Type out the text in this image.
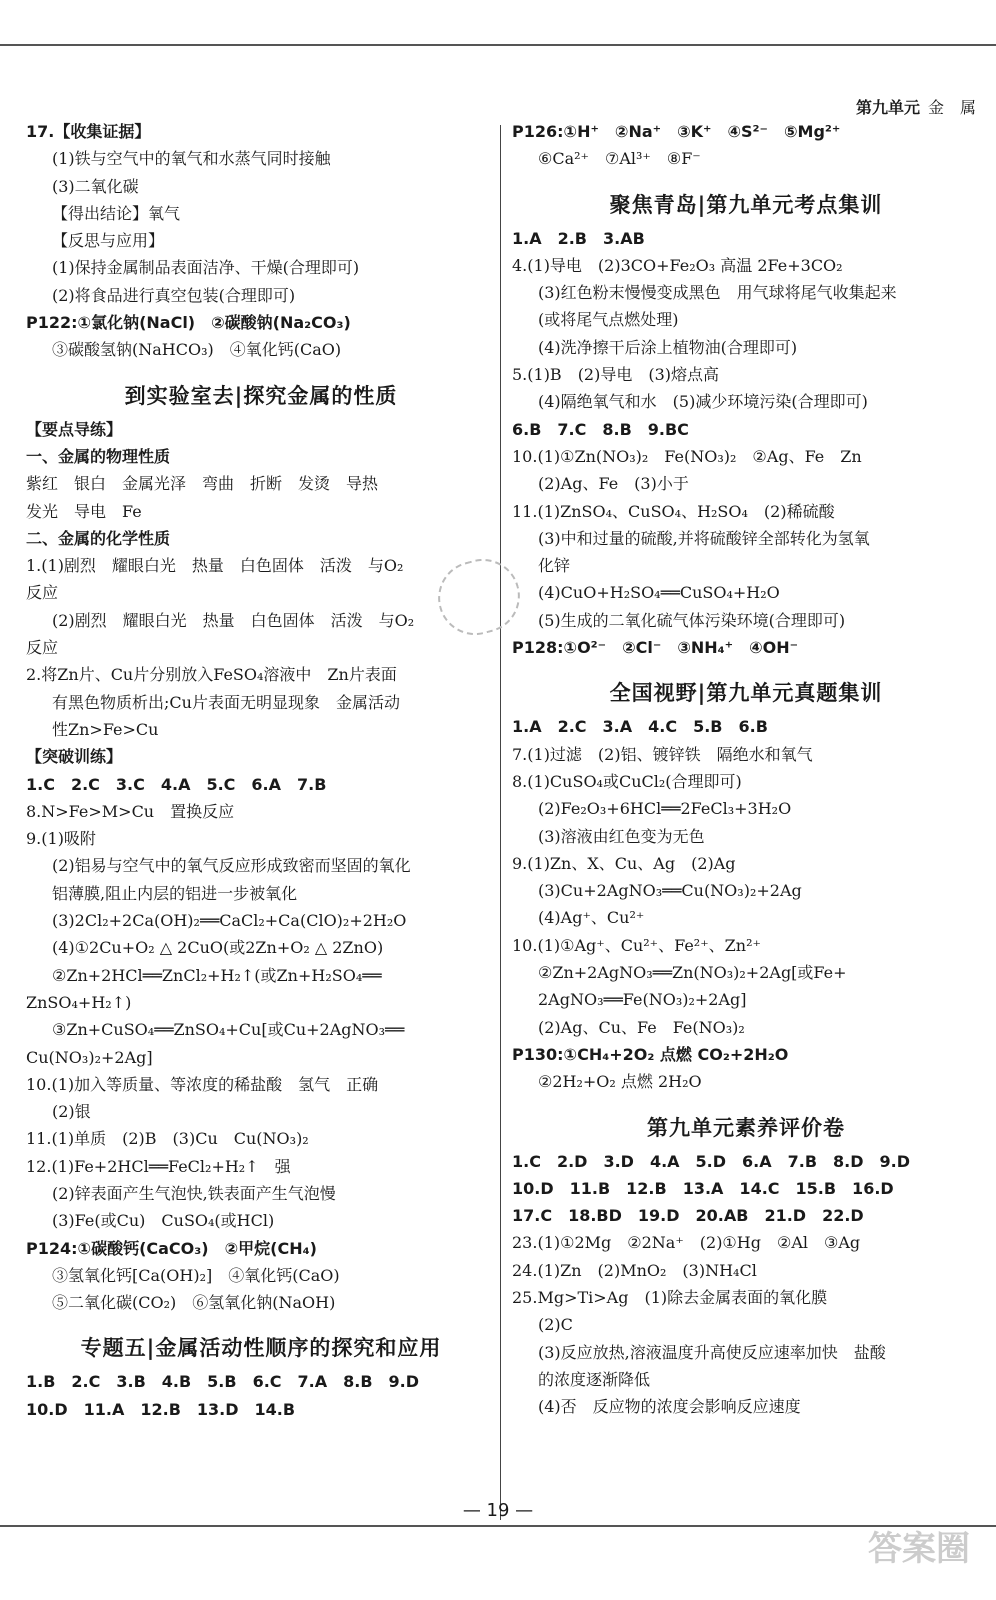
第九单元 金　属
17.【收集证据】
(1)铁与空气中的氧气和水蒸气同时接触
(3)二氧化碳
【得出结论】氧气
【反思与应用】
(1)保持金属制品表面洁净、干燥(合理即可)
(2)将食品进行真空包装(合理即可)
P122:①氯化钠(NaCl)　②碳酸钠(Na₂CO₃)
③碳酸氢钠(NaHCO₃)　④氧化钙(CaO)
到实验室去|探究金属的性质
【要点导练】
一、金属的物理性质
紫红　银白　金属光泽　弯曲　折断　发烫　导热
发光　导电　Fe
二、金属的化学性质
1.(1)剧烈　耀眼白光　热量　白色固体　活泼　与O₂
反应
(2)剧烈　耀眼白光　热量　白色固体　活泼　与O₂
反应
2.将Zn片、Cu片分别放入FeSO₄溶液中　Zn片表面
有黑色物质析出;Cu片表面无明显现象　金属活动
性Zn>Fe>Cu
【突破训练】
1.C　2.C　3.C　4.A　5.C　6.A　7.B
8.N>Fe>M>Cu　置换反应
9.(1)吸附
(2)铝易与空气中的氧气反应形成致密而坚固的氧化
铝薄膜,阻止内层的铝进一步被氧化
(3)2Cl₂+2Ca(OH)₂══CaCl₂+Ca(ClO)₂+2H₂O
(4)①2Cu+O₂ △ 2CuO(或2Zn+O₂ △ 2ZnO)
②Zn+2HCl══ZnCl₂+H₂↑(或Zn+H₂SO₄══
ZnSO₄+H₂↑)
③Zn+CuSO₄══ZnSO₄+Cu[或Cu+2AgNO₃══
Cu(NO₃)₂+2Ag]
10.(1)加入等质量、等浓度的稀盐酸　氢气　正确
(2)银
11.(1)单质　(2)B　(3)Cu　Cu(NO₃)₂
12.(1)Fe+2HCl══FeCl₂+H₂↑　强
(2)锌表面产生气泡快,铁表面产生气泡慢
(3)Fe(或Cu)　CuSO₄(或HCl)
P124:①碳酸钙(CaCO₃)　②甲烷(CH₄)
③氢氧化钙[Ca(OH)₂]　④氧化钙(CaO)
⑤二氧化碳(CO₂)　⑥氢氧化钠(NaOH)
专题五|金属活动性顺序的探究和应用
1.B　2.C　3.B　4.B　5.B　6.C　7.A　8.B　9.D
10.D　11.A　12.B　13.D　14.B
P126:①H⁺　②Na⁺　③K⁺　④S²⁻　⑤Mg²⁺
⑥Ca²⁺　⑦Al³⁺　⑧F⁻
聚焦青岛|第九单元考点集训
1.A　2.B　3.AB
4.(1)导电　(2)3CO+Fe₂O₃ 高温 2Fe+3CO₂
(3)红色粉末慢慢变成黑色　用气球将尾气收集起来
(或将尾气点燃处理)
(4)洗净擦干后涂上植物油(合理即可)
5.(1)B　(2)导电　(3)熔点高
(4)隔绝氧气和水　(5)减少环境污染(合理即可)
6.B　7.C　8.B　9.BC
10.(1)①Zn(NO₃)₂　Fe(NO₃)₂　②Ag、Fe　Zn
(2)Ag、Fe　(3)小于
11.(1)ZnSO₄、CuSO₄、H₂SO₄　(2)稀硫酸
(3)中和过量的硫酸,并将硫酸锌全部转化为氢氧
化锌
(4)CuO+H₂SO₄══CuSO₄+H₂O
(5)生成的二氧化硫气体污染环境(合理即可)
P128:①O²⁻　②Cl⁻　③NH₄⁺　④OH⁻
全国视野|第九单元真题集训
1.A　2.C　3.A　4.C　5.B　6.B
7.(1)过滤　(2)铝、镀锌铁　隔绝水和氧气
8.(1)CuSO₄或CuCl₂(合理即可)
(2)Fe₂O₃+6HCl══2FeCl₃+3H₂O
(3)溶液由红色变为无色
9.(1)Zn、X、Cu、Ag　(2)Ag
(3)Cu+2AgNO₃══Cu(NO₃)₂+2Ag
(4)Ag⁺、Cu²⁺
10.(1)①Ag⁺、Cu²⁺、Fe²⁺、Zn²⁺
②Zn+2AgNO₃══Zn(NO₃)₂+2Ag[或Fe+
2AgNO₃══Fe(NO₃)₂+2Ag]
(2)Ag、Cu、Fe　Fe(NO₃)₂
P130:①CH₄+2O₂ 点燃 CO₂+2H₂O
②2H₂+O₂ 点燃 2H₂O
第九单元素养评价卷
1.C　2.D　3.D　4.A　5.D　6.A　7.B　8.D　9.D
10.D　11.B　12.B　13.A　14.C　15.B　16.D
17.C　18.BD　19.D　20.AB　21.D　22.D
23.(1)①2Mg　②2Na⁺　(2)①Hg　②Al　③Ag
24.(1)Zn　(2)MnO₂　(3)NH₄Cl
25.Mg>Ti>Ag　(1)除去金属表面的氧化膜
(2)C
(3)反应放热,溶液温度升高使反应速率加快　盐酸
的浓度逐渐降低
(4)否　反应物的浓度会影响反应速度
— 19 —
答案圈
